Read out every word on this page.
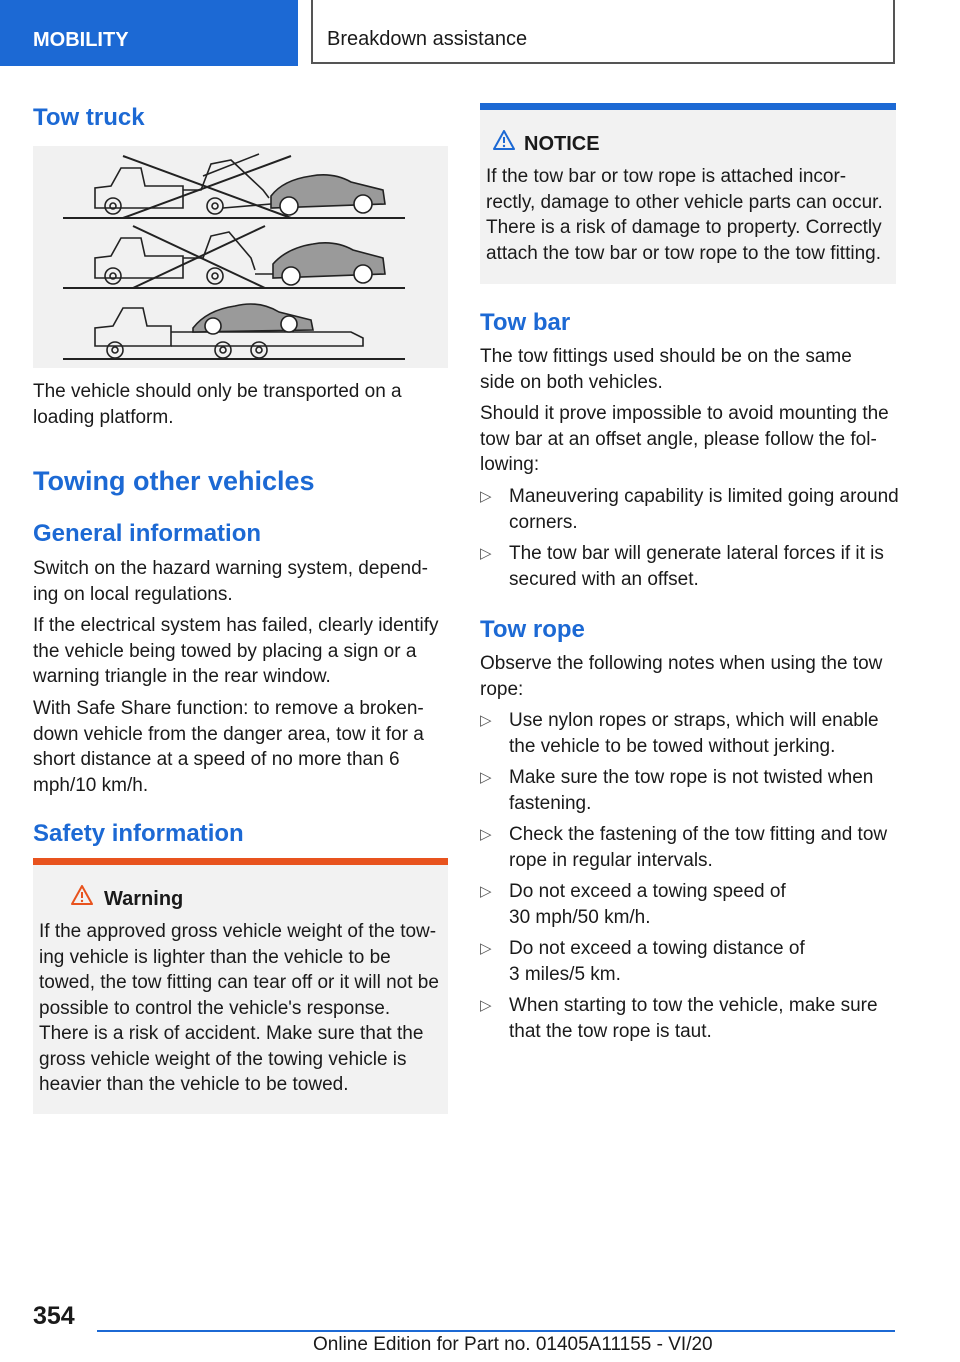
MOBILITY	Breakdown assistance
Tow truck
The vehicle should only be transported on a loading platform.
Towing other vehicles
General information
Switch on the hazard warning system, depend-ing on local regulations.
If the electrical system has failed, clearly identify the vehicle being towed by placing a sign or a warning triangle in the rear window.
With Safe Share function: to remove a broken-down vehicle from the danger area, tow it for a short distance at a speed of no more than 6 mph/10 km/h.
Safety information
Warning
If the approved gross vehicle weight of the tow-ing vehicle is lighter than the vehicle to be towed, the tow fitting can tear off or it will not be possible to control the vehicle's response. There is a risk of accident. Make sure that the gross vehicle weight of the towing vehicle is heavier than the vehicle to be towed.
NOTICE
If the tow bar or tow rope is attached incor-rectly, damage to other vehicle parts can occur. There is a risk of damage to property. Correctly attach the tow bar or tow rope to the tow fitting.
Tow bar
The tow fittings used should be on the same side on both vehicles.
Should it prove impossible to avoid mounting the tow bar at an offset angle, please follow the fol-lowing:
▷ Maneuvering capability is limited going around corners.
▷ The tow bar will generate lateral forces if it is secured with an offset.
Tow rope
Observe the following notes when using the tow rope:
▷ Use nylon ropes or straps, which will enable the vehicle to be towed without jerking.
▷ Make sure the tow rope is not twisted when fastening.
▷ Check the fastening of the tow fitting and tow rope in regular intervals.
▷ Do not exceed a towing speed of 30 mph/50 km/h.
▷ Do not exceed a towing distance of 3 miles/5 km.
▷ When starting to tow the vehicle, make sure that the tow rope is taut.
354
Online Edition for Part no. 01405A11155 - VI/20
